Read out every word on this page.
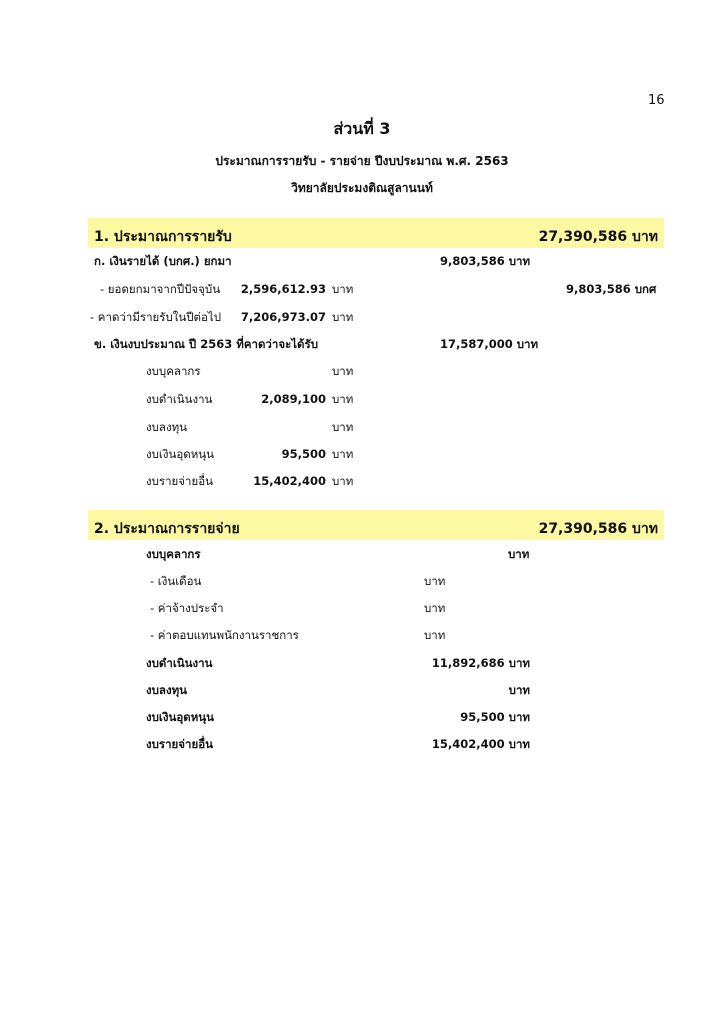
16
ส่วนที่ 3
ประมาณการรายรับ - รายจ่าย ปีงบประมาณ พ.ศ. 2563
วิทยาลัยประมงติณสูลานนท์
1. ประมาณการรายรับ	27,390,586 บาท
ก. เงินรายได้ (บกศ.) ยกมา	9,803,586 บาท
- ยอดยกมาจากปีปัจจุบัน	2,596,612.93 บาท	9,803,586 บกศ
- คาดว่ามีรายรับในปีต่อไป	7,206,973.07 บาท
ข. เงินงบประมาณ ปี 2563 ที่คาดว่าจะได้รับ	17,587,000 บาท
งบบุคลากร	บาท
งบดำเนินงาน	2,089,100 บาท
งบลงทุน	บาท
งบเงินอุดหนุน	95,500 บาท
งบรายจ่ายอื่น	15,402,400 บาท
2. ประมาณการรายจ่าย	27,390,586 บาท
งบบุคลากร	บาท
- เงินเดือน	บาท
- ค่าจ้างประจำ	บาท
- ค่าตอบแทนพนักงานราชการ	บาท
งบดำเนินงาน	11,892,686 บาท
งบลงทุน	บาท
งบเงินอุดหนุน	95,500 บาท
งบรายจ่ายอื่น	15,402,400 บาท
